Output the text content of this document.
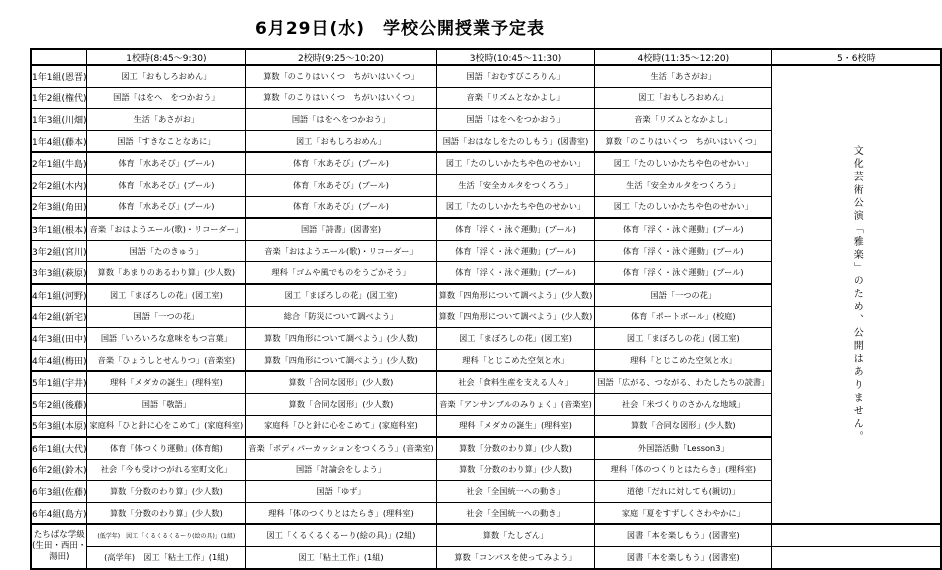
6月29日(水)　学校公開授業予定表
	1校時(8:45～9:30)	2校時(9:25～10:20)	3校時(10:45～11:30)	4校時(11:35～12:20)	5・6校時
1年1組(恩晋)	図工「おもしろおめん」	算数「のこりはいくつ　ちがいはいくつ」	国語「おむすびころりん」	生活「あさがお」	文化芸術公演「雅楽」のため、公開はありません。

1年2組(権代)	国語「はをへ　をつかおう」	算数「のこりはいくつ　ちがいはいくつ」	音楽「リズムとなかよし」	図工「おもしろおめん」	
1年3組(川畑)	生活「あさがお」	国語「はをへをつかおう」	国語「はをへをつかおう」	音楽「リズムとなかよし」	
1年4組(藤本)	国語「すきなことなあに」	図工「おもしろおめん」	国語「おはなしをたのしもう」(図書室)	算数「のこりはいくつ　ちがいはいくつ」	
2年1組(牛島)	体育「水あそび」(プール)	体育「水あそび」(プール)	図工「たのしいかたちや色のせかい」	図工「たのしいかたちや色のせかい」	
2年2組(木内)	体育「水あそび」(プール)	体育「水あそび」(プール)	生活「安全カルタをつくろう」	生活「安全カルタをつくろう」	
2年3組(角田)	体育「水あそび」(プール)	体育「水あそび」(プール)	図工「たのしいかたちや色のせかい」	図工「たのしいかたちや色のせかい」	
3年1組(根本)	音楽「おはようエール(歌)・リコーダー」	国語「詩書」(図書室)	体育「浮く・泳ぐ運動」(プール)	体育「浮く・泳ぐ運動」(プール)	
3年2組(宮川)	国語「たのきゅう」	音楽「おはようエール(歌)・リコーダー」	体育「浮く・泳ぐ運動」(プール)	体育「浮く・泳ぐ運動」(プール)	
3年3組(萩原)	算数「あまりのあるわり算」(少人数)	理科「ゴムや風でものをうごかそう」	体育「浮く・泳ぐ運動」(プール)	体育「浮く・泳ぐ運動」(プール)	
4年1組(河野)	図工「まぼろしの花」(図工室)	図工「まぼろしの花」(図工室)	算数「四角形について調べよう」(少人数)	国語「一つの花」	
4年2組(新宅)	国語「一つの花」	総合「防災について調べよう」	算数「四角形について調べよう」(少人数)	体育「ポートボール」(校庭)	
4年3組(田中)	国語「いろいろな意味をもつ言葉」	算数「四角形について調べよう」(少人数)	図工「まぼろしの花」(図工室)	図工「まぼろしの花」(図工室)	
4年4組(梅田)	音楽「ひょうしとせんりつ」(音楽室)	算数「四角形について調べよう」(少人数)	理科「とじこめた空気と水」	理科「とじこめた空気と水」	
5年1組(宇井)	理科「メダカの誕生」(理科室)	算数「合同な図形」(少人数)	社会「食料生産を支える人々」	国語「広がる、つながる、わたしたちの読書」	
5年2組(後藤)	国語「敬語」	算数「合同な図形」(少人数)	音楽「アンサンブルのみりょく」(音楽室)	社会「米づくりのさかんな地域」	
5年3組(本原)	家庭科「ひと針に心をこめて」(家庭科室)	家庭科「ひと針に心をこめて」(家庭科室)	理科「メダカの誕生」(理科室)	算数「合同な図形」(少人数)	
6年1組(大代)	体育「体つくり運動」(体育館)	音楽「ボディパーカッションをつくろう」(音楽室)	算数「分数のわり算」(少人数)	外国語活動「Lesson3」	
6年2組(鈴木)	社会「今も受けつがれる室町文化」	国語「討論会をしよう」	算数「分数のわり算」(少人数)	理科「体のつくりとはたらき」(理科室)	
6年3組(佐藤)	算数「分数のわり算」(少人数)	国語「ゆず」	社会「全国統一への動き」	道徳「だれに対しても(親切)」	
6年4組(島方)	算数「分数のわり算」(少人数)	理科「体のつくりとはたらき」(理科室)	社会「全国統一への動き」	家庭「夏をすずしくさわやかに」	
たちばな学級
(生田・西田・湯田)	(低学年)　図工「くるくるくるーり(絵の具)」(1組)	図工「くるくるくるーり(絵の具)」(2組)	算数「たしざん」	図書「本を楽しもう」(図書室)	
	(高学年)　図工「粘土工作」(1組)	図工「粘土工作」(1組)	算数「コンパスを使ってみよう」	図書「本を楽しもう」(図書室)	
